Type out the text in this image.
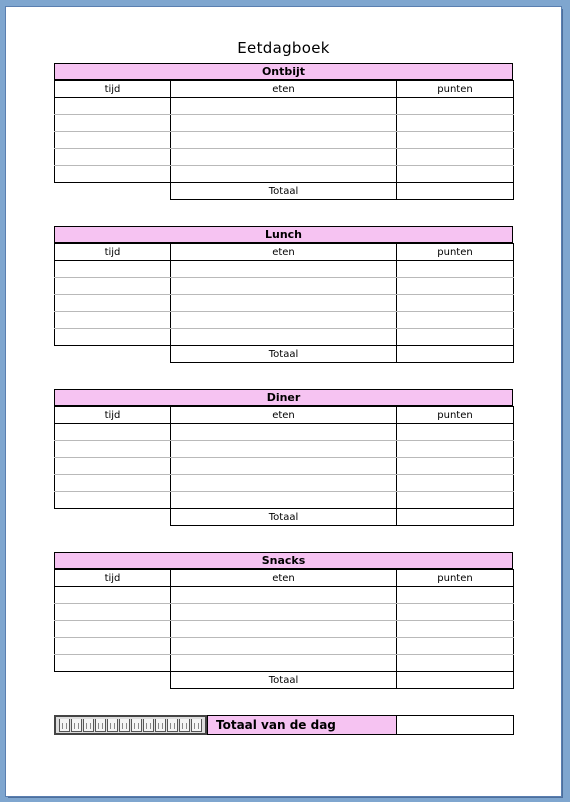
Eetdagboek
Ontbijt
tijd	eten	punten

	Totaal	
Lunch
tijd	eten	punten

	Totaal	
Diner
tijd	eten	punten

	Totaal	
Snacks
tijd	eten	punten

	Totaal	
Totaal van de dag
